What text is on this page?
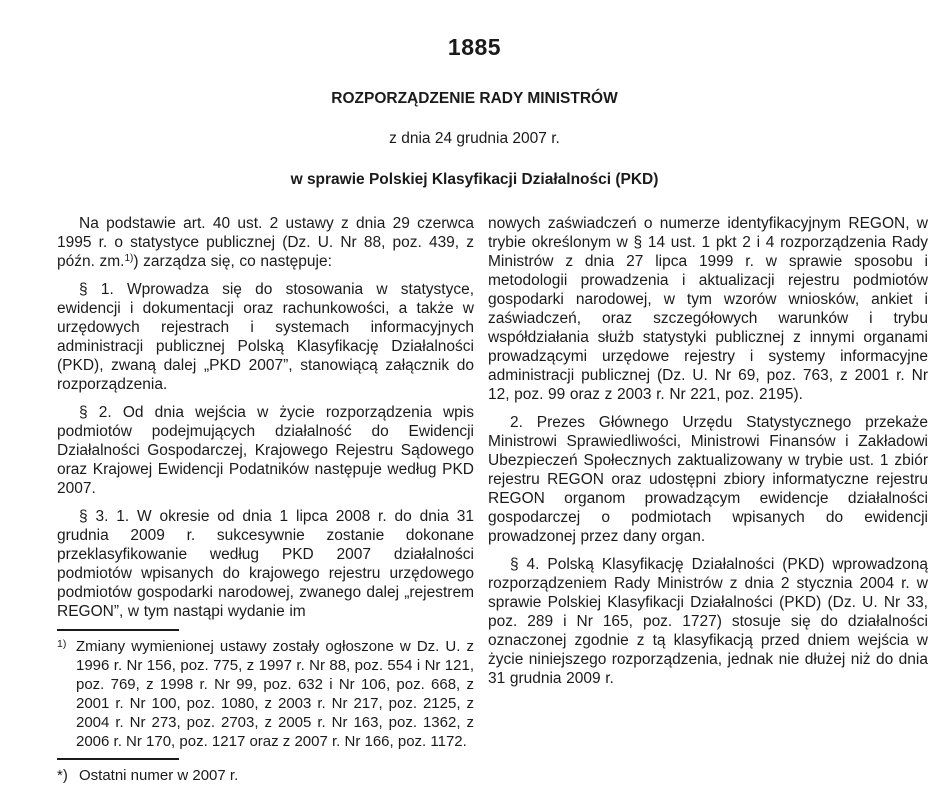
1885
ROZPORZĄDZENIE RADY MINISTRÓW
z dnia 24 grudnia 2007 r.
w sprawie Polskiej Klasyfikacji Działalności (PKD)

Na podstawie art. 40 ust. 2 ustawy z dnia 29 czerwca 1995 r. o statystyce publicznej (Dz. U. Nr 88, poz. 439, z późn. zm.$^{1)}$) zarządza się, co następuje:

§ 1. Wprowadza się do stosowania w statystyce, ewidencji i dokumentacji oraz rachunkowości, a także w urzędowych rejestrach i systemach informacyjnych administracji publicznej Polską Klasyfikację Działalności (PKD), zwaną dalej „PKD 2007”, stanowiącą załącznik do rozporządzenia.

§ 2. Od dnia wejścia w życie rozporządzenia wpis podmiotów podejmujących działalność do Ewidencji Działalności Gospodarczej, Krajowego Rejestru Sądowego oraz Krajowej Ewidencji Podatników następuje według PKD 2007.

§ 3. 1. W okresie od dnia 1 lipca 2008 r. do dnia 31 grudnia 2009 r. sukcesywnie zostanie dokonane przeklasyfikowanie według PKD 2007 działalności podmiotów wpisanych do krajowego rejestru urzędowego podmiotów gospodarki narodowej, zwanego dalej „rejestrem REGON”, w tym nastąpi wydanie im

1) Zmiany wymienionej ustawy zostały ogłoszone w Dz. U. z 1996 r. Nr 156, poz. 775, z 1997 r. Nr 88, poz. 554 i Nr 121, poz. 769, z 1998 r. Nr 99, poz. 632 i Nr 106, poz. 668, z 2001 r. Nr 100, poz. 1080, z 2003 r. Nr 217, poz. 2125, z 2004 r. Nr 273, poz. 2703, z 2005 r. Nr 163, poz. 1362, z 2006 r. Nr 170, poz. 1217 oraz z 2007 r. Nr 166, poz. 1172.
*) Ostatni numer w 2007 r.

nowych zaświadczeń o numerze identyfikacyjnym REGON, w trybie określonym w § 14 ust. 1 pkt 2 i 4 rozporządzenia Rady Ministrów z dnia 27 lipca 1999 r. w sprawie sposobu i metodologii prowadzenia i aktualizacji rejestru podmiotów gospodarki narodowej, w tym wzorów wniosków, ankiet i zaświadczeń, oraz szczegółowych warunków i trybu współdziałania służb statystyki publicznej z innymi organami prowadzącymi urzędowe rejestry i systemy informacyjne administracji publicznej (Dz. U. Nr 69, poz. 763, z 2001 r. Nr 12, poz. 99 oraz z 2003 r. Nr 221, poz. 2195).

2. Prezes Głównego Urzędu Statystycznego przekaże Ministrowi Sprawiedliwości, Ministrowi Finansów i Zakładowi Ubezpieczeń Społecznych zaktualizowany w trybie ust. 1 zbiór rejestru REGON oraz udostępni zbiory informatyczne rejestru REGON organom prowadzącym ewidencje działalności gospodarczej o podmiotach wpisanych do ewidencji prowadzonej przez dany organ.

§ 4. Polską Klasyfikację Działalności (PKD) wprowadzoną rozporządzeniem Rady Ministrów z dnia 2 stycznia 2004 r. w sprawie Polskiej Klasyfikacji Działalności (PKD) (Dz. U. Nr 33, poz. 289 i Nr 165, poz. 1727) stosuje się do działalności oznaczonej zgodnie z tą klasyfikacją przed dniem wejścia w życie niniejszego rozporządzenia, jednak nie dłużej niż do dnia 31 grudnia 2009 r.
